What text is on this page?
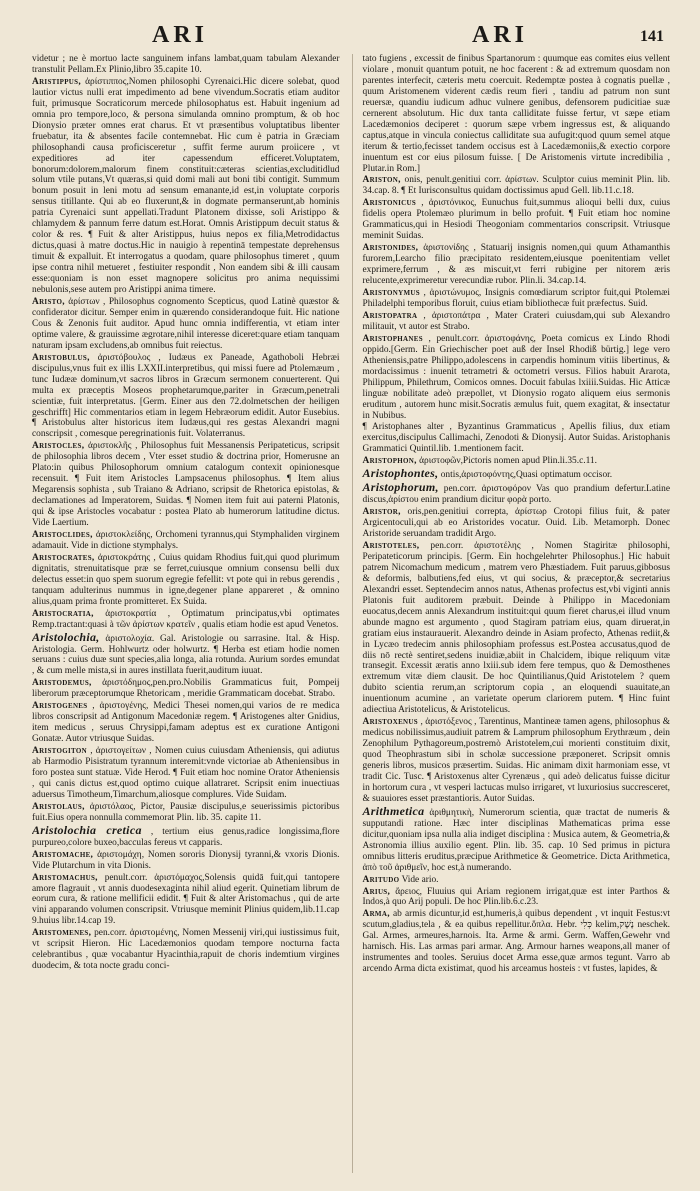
ARI	ARI	141

videtur ; ne è mortuo lacte sanguinem infans lambat,quam tabulam Alexander transtulit Pellam.Ex Plinio,libro 35.capite 10.

Aristippus, ἀρίστιππος,Nomen philosophi Cyrenaici.Hic dicere solebat, quod lautior victus nulli erat impedimento ad bene vivendum.Socratis etiam auditor fuit, primusque Socraticorum mercede philosophatus est. Habuit ingenium ad omnia pro tempore,loco, & persona simulanda omnino promptum, & ob hoc Dionysio præter omnes erat charus. Et vt præsentibus voluptatibus libenter fruebatur, ita & absentes facile contemnebat. Hic cum è patria in Græciam philosophandi causa proficisceretur , suffit ferme aurum proiicere , vt expeditiores ad iter capessendum efficeret.Voluptatem, bonorum:dolorem,malorum finem constituit:cæteras scientias,excluditidlud solum vtile putans,Vt quæras,si quid domi mali aut boni tibi contigit. Summum bonum posuit in leni motu ad sensum emanante,id est,in voluptate corporis sensus titillante. Qui ab eo fluxerunt,& in dogmate permanserunt,ab hominis patria Cyrenaici sunt appellati.Tradunt Platonem dixisse, soli Aristippo & chlamydem & pannum ferre datum est.Horat. Omnis Aristippum decuit status & color & res. ¶ Fuit & alter Aristippus, huius nepos ex filia,Metrodidactus dictus,quasi à matre doctus.Hic in nauigio à repentinā tempestate deprehensus timuit & expalluit. Et interrogatus a quodam, quare philosophus timeret , quum ipse contra nihil metueret , festiuiter respondit , Non eandem sibi & illi causam esse:quoniam is non esset magnopere solicitus pro anima nequissimi nebulonis,sese autem pro Aristippi anima timere.

Aristo, ἀρίστων , Philosophus cognomento Scepticus, quod Latinè quæstor & confiderator dicitur. Semper enim in quærendo considerandoque fuit. Hic natione Cous & Zenonis fuit auditor. Apud hunc omnia indifferentia, vt etiam inter optime valere, & grauissime ægrotare,nihil interesse diceret:quare etiam tanquam naturam ipsam excludens,ab omnibus fuit reiectus.

Aristobulus, ἀριστόβουλος , Iudæus ex Paneade, Agathoboli Hebræi discipulus,vnus fuit ex illis LXXII.interpretibus, qui missi fuere ad Ptolemæum , tunc Iudææ dominum,vt sacros libros in Græcum sermonem conuerterent. Qui multa ex præceptis Moseos prophetarumque,pariter in Græcum,penetrali scientiæ, fuit interpretatus. [Germ. Einer aus den 72.dolmetschen der heiligen geschrifft] Hic commentarios etiam in legem Hebræorum edidit. Autor Eusebius. ¶ Aristobulus alter historicus item Iudæus,qui res gestas Alexandri magni conscripsit , comesque peregrinationis fuit. Volaterranus.

Aristocles, ἀριστοκλῆς , Philosophus fuit Messanensis Peripateticus, scripsit de philosophia libros decem , Vter esset studio & doctrina prior, Homerusne an Plato:in quibus Philosophorum omnium catalogum contexit opinionesque recensuit. ¶ Fuit item Aristocles Lampsacenus philosophus. ¶ Item alius Megarensis sophista , sub Traiano & Adriano, scripsit de Rhetorica epistolas, & declamationes ad Imperatorem, Suidas. ¶ Nomen item fuit aui paterni Platonis, qui & ipse Aristocles vocabatur : postea Plato ab humerorum latitudine dictus. Vide Laertium.

Aristoclides, ἀριστοκλείδης, Orchomeni tyrannus,qui Stymphaliden virginem adamauit. Vide in dictione stymphalys.

Aristocrates, ἀριστοκράτης , Cuius quidam Rhodius fuit,qui quod plurimum dignitatis, strenuitatisque præ se ferret,cuiusque omnium consensu belli dux delectus esset:in quo spem suorum egregie fefellit: vt pote qui in rebus gerendis , tanquam adulterinus nummus in igne,degener plane appareret , & omnino alius,quam prima fronte promitteret. Ex Suida.

Aristocratia, ἀριστοκρατία , Optimatum principatus,vbi optimates Remp.tractant:quasi à τῶν ἀρίστων κρατεῖν , qualis etiam hodie est apud Venetos.

Aristolochia, ἀριστολοχία. Gal. Aristologie ou sarrasine. Ital. & Hisp. Aristologia. Germ. Hohlwurtz oder holwurtz. ¶ Herba est etiam hodie nomen seruans : cuius duæ sunt species,alia longa, alia rotunda. Aurium sordes emundat , & cum melle mista,si in aures instillata fuerit,auditum iuuat.

Aristodemus, ἀριστόδημος,pen.pro.Nobilis Grammaticus fuit, Pompeij liberorum præceptorumque Rhetoricam , meridie Grammaticam docebat. Strabo.

Aristogenes , ἀριστογένης, Medici Thesei nomen,qui varios de re medica libros conscripsit ad Antigonum Macedoniæ regem. ¶ Aristogenes alter Gnidius, item medicus , seruus Chrysippi,famam adeptus est ex curatione Antigoni Gonatæ. Autor vtriusque Suidas.

Aristogiton , ἀριστογείτων , Nomen cuius cuiusdam Atheniensis, qui adiutus ab Harmodio Pisistratum tyrannum interemit:vnde victoriae ab Atheniensibus in foro postea sunt statuæ. Vide Herod. ¶ Fuit etiam hoc nomine Orator Atheniensis , qui canis dictus est,quod optimo cuique allatraret. Scripsit enim inuectiuas aduersus Timotheum,Timarchum,aliosque complures. Vide Suidam.

Aristolaus, ἀριστόλαος, Pictor, Pausiæ discipulus,e seuerissimis pictoribus fuit.Eius opera nonnulla commemorat Plin. lib. 35. capite 11.

Aristolochia cretica , tertium eius genus,radice longissima,flore purpureo,colore buxeo,bacculas fereus vt capparis.

Aristomache, ἀριστομάχη, Nomen sororis Dionysij tyranni,& vxoris Dionis. Vide Plutarchum in vita Dionis.

Aristomachus, penult.corr. ἀριστόμαχος,Solensis quidā fuit,qui tantopere amore flagrauit , vt annis duodesexaginta nihil aliud egerit. Quinetiam librum de eorum cura, & ratione mellificii edidit. ¶ Fuit & alter Aristomachus , qui de arte vini apparando volumen conscripsit. Vtriusque meminit Plinius quidem,lib.11.cap 9.huius libr.14.cap 19.

Aristomenes, pen.corr. ἀριστομένης, Nomen Messenij viri,qui iustissimus fuit, vt scripsit Hieron. Hic Lacedæmonios quodam tempore nocturna facta celebrantibus , quæ vocabantur Hyacinthia,rapuit de choris indemtium virgines duodecim, & tota nocte gradu conci-

tato fugiens , excessit de finibus Spartanorum : quumque eas comites eius vellent violare , monuit quantum potuit, ne hoc facerent : & ad extremum quosdam non parentes interfecit, cæteris metu coercuit. Redemptæ postea à cognatis puellæ , quum Aristomenem viderent cædis reum fieri , tandiu ad patrum non sunt reuersæ, quandiu iudicum adhuc vulnere genibus, defensorem pudicitiae suæ cernerent absolutum. Hic dux tanta calliditate fuisse fertur, vt sæpe etiam Lacedæmonios deciperet : quorum sæpe vrbem ingressus est, & aliquando captus,atque in vincula coniectus calliditate sua aufugit:quod quum semel atque iterum & tertio,fecisset tandem occisus est à Lacedæmoniis,& exectio corpore inuentum est cor eius pilosum fuisse. [ De Aristomenis virtute incredibilia , Plutar.in Rom.]

Ariston, onis, penult.genitiui corr. ἀρίστων. Sculptor cuius meminit Plin. lib. 34.cap. 8. ¶ Et Iurisconsultus quidam doctissimus apud Gell. lib.11.c.18.

Aristonicus , ἀριστόνικος, Eunuchus fuit,summus alioqui belli dux, cuius fidelis opera Ptolemæo plurimum in bello profuit. ¶ Fuit etiam hoc nomine Grammaticus,qui in Hesiodi Theogoniam commentarios conscripsit. Vtriusque meminit Suidas.

Aristonides, ἀριστονίδης , Statuarij insignis nomen,qui quum Athamanthis furorem,Learcho filio præcipitato residentem,eiusque poenitentiam vellet exprimere,ferrum , & æs miscuit,vt ferri rubigine per nitorem æris relucente,exprimeretur verecundiæ rubor. Plin.li. 34.cap.14.

Aristonymus , ἀριστώνυμος, Insignis comœdiarum scriptor fuit,qui Ptolemæi Philadelphi temporibus floruit, cuius etiam bibliothecæ fuit præfectus. Suid.

Aristopatra , ἀριστοπάτρα , Mater Crateri cuiusdam,qui sub Alexandro militauit, vt autor est Strabo.

Aristophanes , penult.corr. ἀριστοφάνης, Poeta comicus ex Lindo Rhodi oppido.[Germ. Ein Griechischer poet auß der Insel Rhodiß bürtig.] lege vero Atheniensis,patre Philippo,adolescens in carpendis hominum vitiis libertinus, & mordacissimus : inuenit tetrametri & octometri versus. Filios habuit Ararota, Philippum, Philethrum, Comicos omnes. Docuit fabulas lxiiii.Suidas. Hic Atticæ linguæ nobilitate adeò præpollet, vt Dionysio rogato aliquem eius sermonis eruditum , autorem hunc misit.Socratis æmulus fuit, quem exagitat, & insectatur in Nubibus.

¶ Aristophanes alter , Byzantinus Grammaticus , Apellis filius, dux etiam exercitus,discipulus Callimachi, Zenodoti & Dionysij. Autor Suidas. Aristophanis Grammatici Quintil.lib. 1.mentionem facit.

Aristophon, ἀριστοφῶν,Pictoris nomen apud Plin.li.35.c.11.

Aristophontes, ontis,ἀριστοφόντης,Quasi optimatum occisor.

Aristophorum, pen.corr. ἀριστοφόρον Vas quo prandium defertur.Latine discus,ἀρίστου enim prandium dicitur φορὰ porto.

Aristor, oris,pen.genitiui correpta, ἀρίστωρ Crotopi filius fuit, & pater Argicentoculi,qui ab eo Aristorides vocatur. Ouid. Lib. Metamorph. Donec Aristoride seruandam tradidit Argo.

Aristoteles, pen.corr. ἀριστοτέλης , Nomen Stagiritæ philosophi, Peripateticorum principis. [Germ. Ein hochgelehrter Philosophus.] Hic habuit patrem Nicomachum medicum , matrem vero Phæstiadem. Fuit paruus,gibbosus & deformis, balbutiens,fed eius, vt qui socius, & præceptor,& secretarius Alexandri esset. Septendecim annos natus, Athenas profectus est,vbi viginti annis Platonis fuit auditorem præbuit. Deinde à Philippo in Macedoniam euocatus,decem annis Alexandrum instituit:qui quum fieret charus,ei illud vnum abunde magno est argumento , quod Stagiram patriam eius, quam diruerat,in gratiam eius instaurauerit. Alexandro deinde in Asiam profecto, Athenas rediit,& in Lycæo tredecim annis philosophiam professus est.Postea accusatus,quod de diis nō rectè sentiret,sedens inuidiæ,abiit in Chalcidem, ibique reliquum vitæ transegit. Excessit æratis anno lxiii.sub idem fere tempus, quo & Demosthenes extremum vitæ diem clausit. De hoc Quintilianus,Quid Aristotelem ? quem dubito scientia rerum,an scriptorum copia , an eloquendi suauitate,an inuentionum acumine , an varietate operum clariorem putem. ¶ Hinc fuint adiectiua Aristotelicus, & Aristotelicus.

Aristoxenus , ἀριστόξενος , Tarentinus, Mantineæ tamen agens, philosophus & medicus nobilissimus,audiuit patrem & Lamprum philosophum Erythræum , dein Zenophilum Pythagoreum,postremò Aristotelem,cui morienti constituim dixit, quod Theophrastum sibi in scholæ successione præponeret. Scripsit omnis generis libros, musicos præsertim. Suidas. Hic animam dixit harmoniam esse, vt tradit Cic. Tusc. ¶ Aristoxenus alter Cyrenæus , qui adeò delicatus fuisse dicitur in hortorum cura , vt vesperi lactucas mulso irrigaret, vt luxuriosius succresceret, & suauiores esset præstantioris. Autor Suidas.

Arithmetica ἀριθμητικὴ, Numerorum scientia, quæ tractat de numeris & supputandi ratione. Hæc inter disciplinas Mathematicas prima esse dicitur,quoniam ipsa nulla alia indiget disciplina : Musica autem, & Geometria,& Astronomia illius auxilio egent. Plin. lib. 35. cap. 10 Sed primus in pictura omnibus litteris eruditus,præcipue Arithmetice & Geometrice. Dicta Arithmetica, ἀπὸ τοῦ ἀριθμεῖν, hoc est,à numerando.

Aritudo Vide ario.

Arius, ἄρειος, Fluuius qui Ariam regionem irrigat,quæ est inter Parthos & Indos,à quo Arij populi. De hoc Plin.lib.6.c.23.

Arma, ab armis dicuntur,id est,humeris,à quibus dependent , vt inquit Festus:vt scutum,gladius,tela , & ea quibus repellitur.ὅπλα. Hebr. כְּלִי kelim,נֶשֶׁק neschek. Gal. Armes, armeures,harnois. Ita. Arme & armi. Germ. Waffen,Gewehr vnd harnisch. His. Las armas pari armar. Ang. Armour harnes weapons,all maner of instrumentes and tooles. Seruius docet Arma esse,quæ armos tegunt. Varro ab arcendo Arma dicta existimat, quod his arceamus hosteis : vt fustes, lapides, &
